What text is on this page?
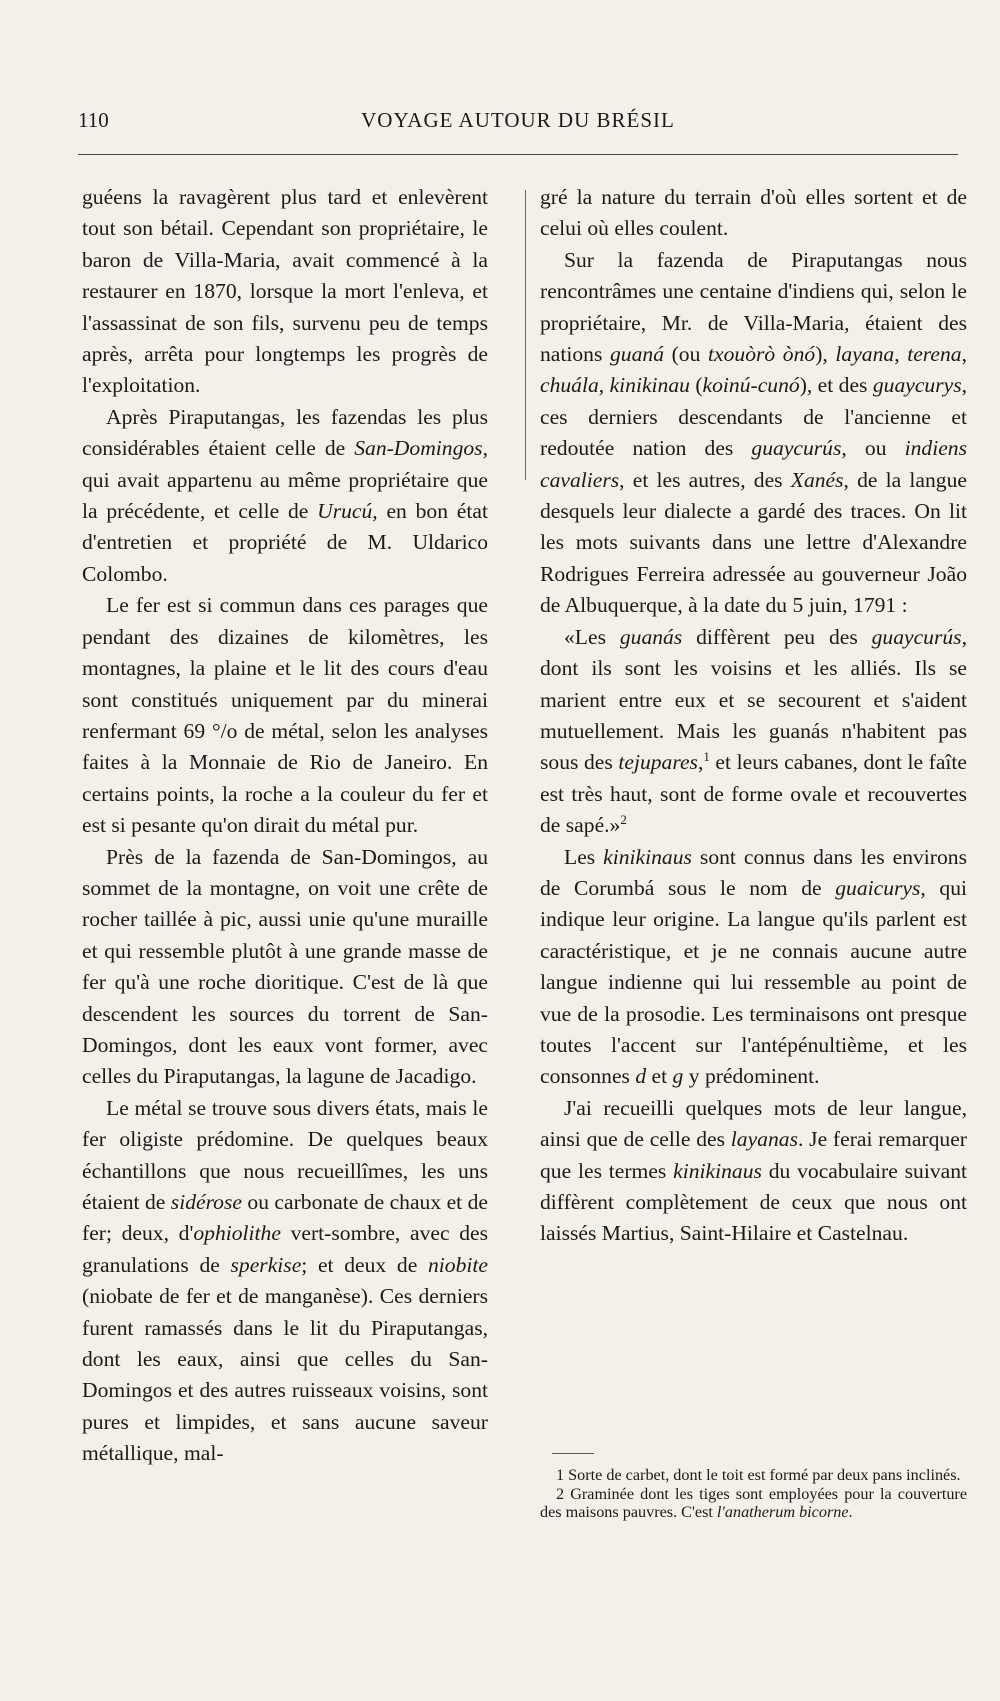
110	VOYAGE AUTOUR DU BRÉSIL

guéens la ravagèrent plus tard et enlevèrent tout son bétail. Cependant son propriétaire, le baron de Villa-Maria, avait commencé à la restaurer en 1870, lorsque la mort l'enleva, et l'assassinat de son fils, survenu peu de temps après, arrêta pour longtemps les progrès de l'exploitation.

Après Piraputangas, les fazendas les plus considérables étaient celle de San-Domingos, qui avait appartenu au même propriétaire que la précédente, et celle de Urucú, en bon état d'entretien et propriété de M. Uldarico Colombo.

Le fer est si commun dans ces parages que pendant des dizaines de kilomètres, les montagnes, la plaine et le lit des cours d'eau sont constitués uniquement par du minerai renfermant 69 °/o de métal, selon les analyses faites à la Monnaie de Rio de Janeiro. En certains points, la roche a la couleur du fer et est si pesante qu'on dirait du métal pur.

Près de la fazenda de San-Domingos, au sommet de la montagne, on voit une crête de rocher taillée à pic, aussi unie qu'une muraille et qui ressemble plutôt à une grande masse de fer qu'à une roche dioritique. C'est de là que descendent les sources du torrent de San-Domingos, dont les eaux vont former, avec celles du Piraputangas, la lagune de Jacadigo.

Le métal se trouve sous divers états, mais le fer oligiste prédomine. De quelques beaux échantillons que nous recueillîmes, les uns étaient de sidérose ou carbonate de chaux et de fer; deux, d'ophiolithe vert-sombre, avec des granulations de sperkise; et deux de niobite (niobate de fer et de manganèse). Ces derniers furent ramassés dans le lit du Piraputangas, dont les eaux, ainsi que celles du San-Domingos et des autres ruisseaux voisins, sont pures et limpides, et sans aucune saveur métallique, mal-

gré la nature du terrain d'où elles sortent et de celui où elles coulent.

Sur la fazenda de Piraputangas nous rencontrâmes une centaine d'indiens qui, selon le propriétaire, Mr. de Villa-Maria, étaient des nations guaná (ou txouòrò ònó), layana, terena, chuála, kinikinau (koinú-cunó), et des guaycurys, ces derniers descendants de l'ancienne et redoutée nation des guaycurús, ou indiens cavaliers, et les autres, des Xanés, de la langue desquels leur dialecte a gardé des traces. On lit les mots suivants dans une lettre d'Alexandre Rodrigues Ferreira adressée au gouverneur João de Albuquerque, à la date du 5 juin, 1791 :

«Les guanás diffèrent peu des guaycurús, dont ils sont les voisins et les alliés. Ils se marient entre eux et se secourent et s'aident mutuellement. Mais les guanás n'habitent pas sous des tejupares,$^1$ et leurs cabanes, dont le faîte est très haut, sont de forme ovale et recouvertes de sapé.»$^2$

Les kinikinaus sont connus dans les environs de Corumbá sous le nom de guaicurys, qui indique leur origine. La langue qu'ils parlent est caractéristique, et je ne connais aucune autre langue indienne qui lui ressemble au point de vue de la prosodie. Les terminaisons ont presque toutes l'accent sur l'antépénultième, et les consonnes d et g y prédominent.

J'ai recueilli quelques mots de leur langue, ainsi que de celle des layanas. Je ferai remarquer que les termes kinikinaus du vocabulaire suivant diffèrent complètement de ceux que nous ont laissés Martius, Saint-Hilaire et Castelnau.

1 Sorte de carbet, dont le toit est formé par deux pans inclinés.

2 Graminée dont les tiges sont employées pour la couverture des maisons pauvres. C'est l'anatherum bicorne.
